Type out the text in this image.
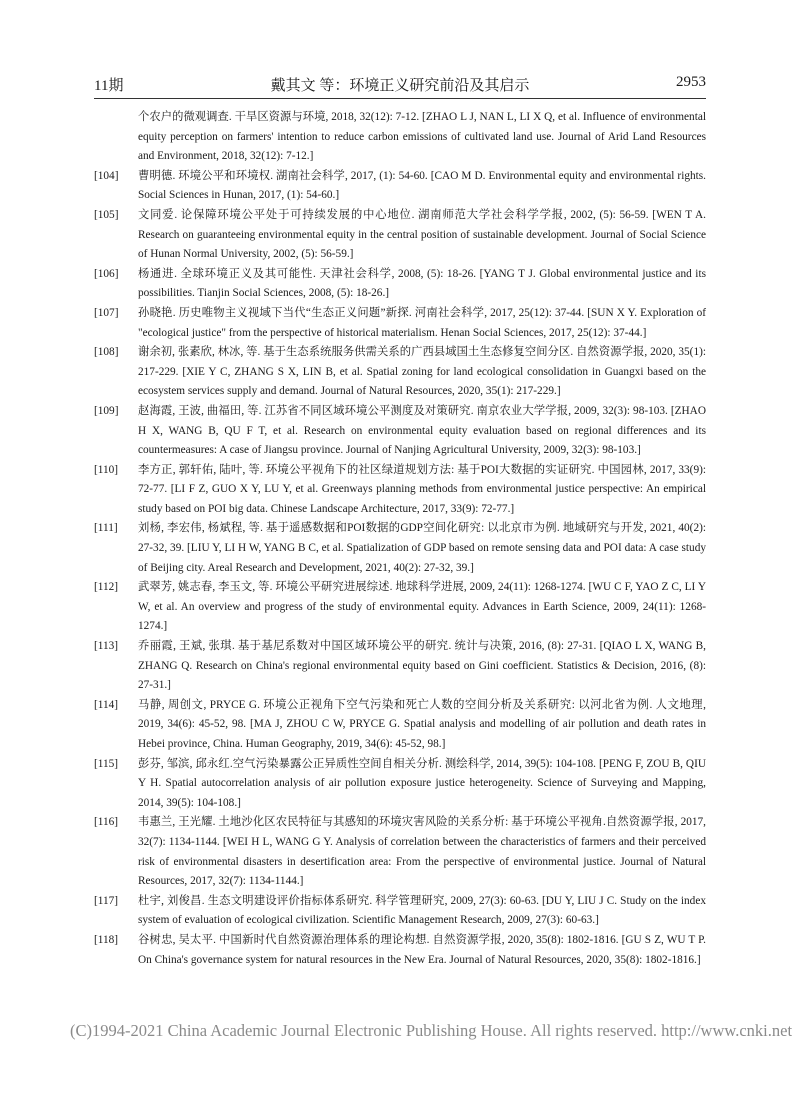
11期	戴其文 等：环境正义研究前沿及其启示	2953
个农户的微观调查. 干旱区资源与环境, 2018, 32(12): 7-12. [ZHAO L J, NAN L, LI X Q, et al. Influence of environmental equity perception on farmers' intention to reduce carbon emissions of cultivated land use. Journal of Arid Land Resources and Environment, 2018, 32(12): 7-12.]
[104] 曹明德. 环境公平和环境权. 湖南社会科学, 2017, (1): 54-60. [CAO M D. Environmental equity and environmental rights. Social Sciences in Hunan, 2017, (1): 54-60.]
[105] 文同爱. 论保障环境公平处于可持续发展的中心地位. 湖南师范大学社会科学学报, 2002, (5): 56-59. [WEN T A. Research on guaranteeing environmental equity in the central position of sustainable development. Journal of Social Science of Hunan Normal University, 2002, (5): 56-59.]
[106] 杨通进. 全球环境正义及其可能性. 天津社会科学, 2008, (5): 18-26. [YANG T J. Global environmental justice and its possibilities. Tianjin Social Sciences, 2008, (5): 18-26.]
[107] 孙晓艳. 历史唯物主义视域下当代“生态正义问题”新探. 河南社会科学, 2017, 25(12): 37-44. [SUN X Y. Exploration of "ecological justice" from the perspective of historical materialism. Henan Social Sciences, 2017, 25(12): 37-44.]
[108] 谢余初, 张素欣, 林冰, 等. 基于生态系统服务供需关系的广西县域国土生态修复空间分区. 自然资源学报, 2020, 35(1): 217-229. [XIE Y C, ZHANG S X, LIN B, et al. Spatial zoning for land ecological consolidation in Guangxi based on the ecosystem services supply and demand. Journal of Natural Resources, 2020, 35(1): 217-229.]
[109] 赵海霞, 王波, 曲福田, 等. 江苏省不同区域环境公平测度及对策研究. 南京农业大学学报, 2009, 32(3): 98-103. [ZHAO H X, WANG B, QU F T, et al. Research on environmental equity evaluation based on regional differences and its countermeasures: A case of Jiangsu province. Journal of Nanjing Agricultural University, 2009, 32(3): 98-103.]
[110] 李方正, 郭轩佑, 陆叶, 等. 环境公平视角下的社区绿道规划方法: 基于POI大数据的实证研究. 中国园林, 2017, 33(9): 72-77. [LI F Z, GUO X Y, LU Y, et al. Greenways planning methods from environmental justice perspective: An empirical study based on POI big data. Chinese Landscape Architecture, 2017, 33(9): 72-77.]
[111] 刘杨, 李宏伟, 杨斌程, 等. 基于遥感数据和POI数据的GDP空间化研究: 以北京市为例. 地域研究与开发, 2021, 40(2): 27-32, 39. [LIU Y, LI H W, YANG B C, et al. Spatialization of GDP based on remote sensing data and POI data: A case study of Beijing city. Areal Research and Development, 2021, 40(2): 27-32, 39.]
[112] 武翠芳, 姚志春, 李玉文, 等. 环境公平研究进展综述. 地球科学进展, 2009, 24(11): 1268-1274. [WU C F, YAO Z C, LI Y W, et al. An overview and progress of the study of environmental equity. Advances in Earth Science, 2009, 24(11): 1268-1274.]
[113] 乔丽霞, 王斌, 张琪. 基于基尼系数对中国区域环境公平的研究. 统计与决策, 2016, (8): 27-31. [QIAO L X, WANG B, ZHANG Q. Research on China's regional environmental equity based on Gini coefficient. Statistics & Decision, 2016, (8): 27-31.]
[114] 马静, 周创文, PRYCE G. 环境公正视角下空气污染和死亡人数的空间分析及关系研究: 以河北省为例. 人文地理, 2019, 34(6): 45-52, 98. [MA J, ZHOU C W, PRYCE G. Spatial analysis and modelling of air pollution and death rates in Hebei province, China. Human Geography, 2019, 34(6): 45-52, 98.]
[115] 彭芬, 邹滨, 邱永红.空气污染暴露公正异质性空间自相关分析. 测绘科学, 2014, 39(5): 104-108. [PENG F, ZOU B, QIU Y H. Spatial autocorrelation analysis of air pollution exposure justice heterogeneity. Science of Surveying and Mapping, 2014, 39(5): 104-108.]
[116] 韦惠兰, 王光耀. 土地沙化区农民特征与其感知的环境灾害风险的关系分析: 基于环境公平视角.自然资源学报, 2017, 32(7): 1134-1144. [WEI H L, WANG G Y. Analysis of correlation between the characteristics of farmers and their perceived risk of environmental disasters in desertification area: From the perspective of environmental justice. Journal of Natural Resources, 2017, 32(7): 1134-1144.]
[117] 杜宇, 刘俊昌. 生态文明建设评价指标体系研究. 科学管理研究, 2009, 27(3): 60-63. [DU Y, LIU J C. Study on the index system of evaluation of ecological civilization. Scientific Management Research, 2009, 27(3): 60-63.]
[118] 谷树忠, 吴太平. 中国新时代自然资源治理体系的理论构想. 自然资源学报, 2020, 35(8): 1802-1816. [GU S Z, WU T P. On China's governance system for natural resources in the New Era. Journal of Natural Resources, 2020, 35(8): 1802-1816.]
(C)1994-2021 China Academic Journal Electronic Publishing House. All rights reserved. http://www.cnki.net
